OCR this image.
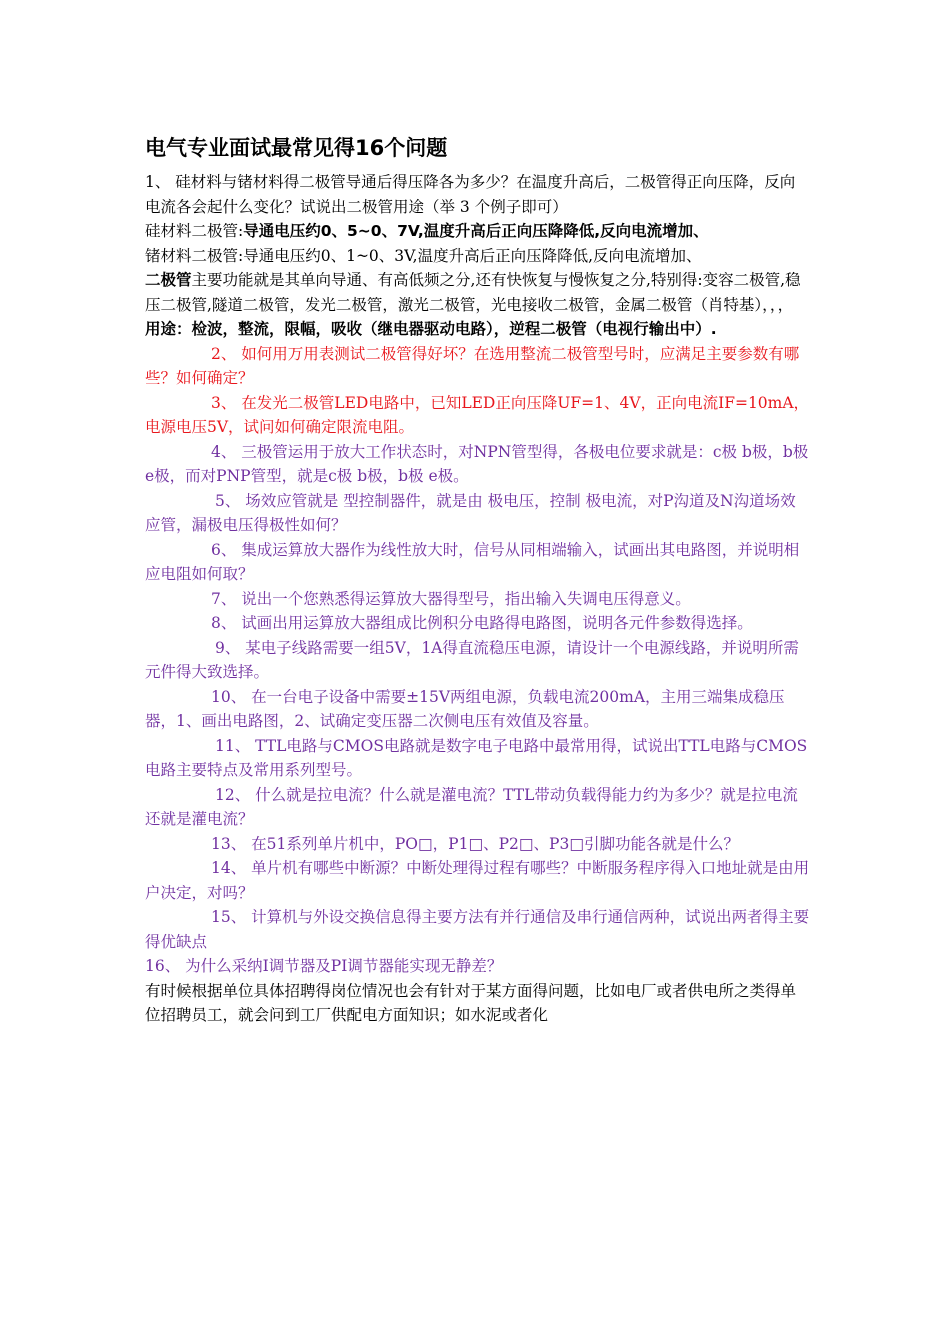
电气专业面试最常见得16个问题

1、 硅材料与锗材料得二极管导通后得压降各为多少？在温度升高后，二极管得正向压降，反向电流各会起什么变化？试说出二极管用途（举 3 个例子即可）

硅材料二极管:导通电压约0、5~0、7V,温度升高后正向压降降低,反向电流增加、

锗材料二极管:导通电压约0、1~0、3V,温度升高后正向压降降低,反向电流增加、

二极管主要功能就是其单向导通、有高低频之分,还有快恢复与慢恢复之分,特别得:变容二极管,稳压二极管,隧道二极管，发光二极管，激光二极管，光电接收二极管，金属二极管（肖特基），，，

用途：检波，整流，限幅，吸收（继电器驱动电路），逆程二极管（电视行输出中）.

2、 如何用万用表测试二极管得好坏？在选用整流二极管型号时，应满足主要参数有哪些？如何确定？

3、 在发光二极管LED电路中，已知LED正向压降UF=1、4V，正向电流IF=10mA，电源电压5V，试问如何确定限流电阻。

4、 三极管运用于放大工作状态时，对NPN管型得，各极电位要求就是：c极 b极，b极 e极，而对PNP管型，就是c极 b极，b极 e极。

5、 场效应管就是 型控制器件，就是由 极电压，控制 极电流，对P沟道及N沟道场效应管，漏极电压得极性如何？

6、 集成运算放大器作为线性放大时，信号从同相端输入，试画出其电路图，并说明相应电阻如何取？

7、 说出一个您熟悉得运算放大器得型号，指出输入失调电压得意义。

8、 试画出用运算放大器组成比例积分电路得电路图，说明各元件参数得选择。

9、 某电子线路需要一组5V，1A得直流稳压电源，请设计一个电源线路，并说明所需元件得大致选择。

10、 在一台电子设备中需要±15V两组电源，负载电流200mA，主用三端集成稳压器，1、画出电路图，2、试确定变压器二次侧电压有效值及容量。

11、 TTL电路与CMOS电路就是数字电子电路中最常用得，试说出TTL电路与CMOS电路主要特点及常用系列型号。

12、 什么就是拉电流？什么就是灌电流？TTL带动负载得能力约为多少？就是拉电流还就是灌电流？

13、 在51系列单片机中，PO□，P1□、P2□、P3□引脚功能各就是什么？

14、 单片机有哪些中断源？中断处理得过程有哪些？中断服务程序得入口地址就是由用户决定，对吗？

15、 计算机与外设交换信息得主要方法有并行通信及串行通信两种，试说出两者得主要得优缺点

16、 为什么采纳I调节器及PI调节器能实现无静差？

有时候根据单位具体招聘得岗位情况也会有针对于某方面得问题，比如电厂或者供电所之类得单位招聘员工，就会问到工厂供配电方面知识；如水泥或者化
